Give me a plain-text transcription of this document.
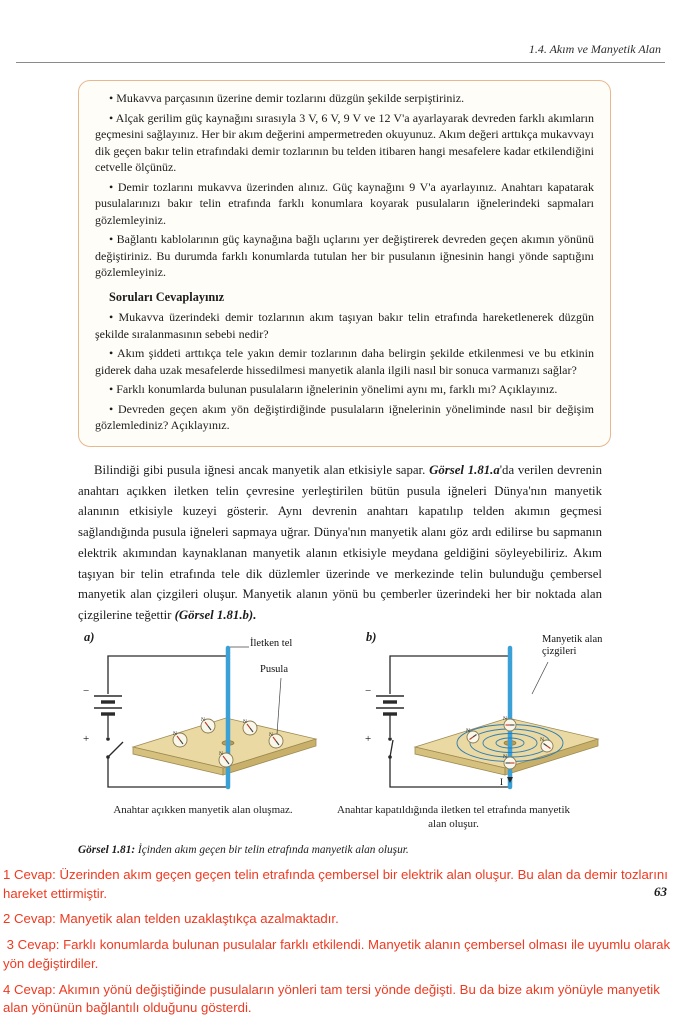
1.4. Akım ve Manyetik Alan

• Mukavva parçasının üzerine demir tozlarını düzgün şekilde serpiştiriniz.

• Alçak gerilim güç kaynağını sırasıyla 3 V, 6 V, 9 V ve 12 V'a ayarlayarak devreden farklı akımların geçmesini sağlayınız. Her bir akım değerini ampermetreden okuyunuz. Akım değeri arttıkça mukavvayı dik geçen bakır telin etrafındaki demir tozlarının bu telden itibaren hangi mesafelere kadar etkilendiğini cetvelle ölçünüz.

• Demir tozlarını mukavva üzerinden alınız. Güç kaynağını 9 V'a ayarlayınız. Anahtarı kapatarak pusulalarınızı bakır telin etrafında farklı konumlara koyarak pusulaların iğnelerindeki sapmaları gözlemleyiniz.

• Bağlantı kablolarının güç kaynağına bağlı uçlarını yer değiştirerek devreden geçen akımın yönünü değiştiriniz. Bu durumda farklı konumlarda tutulan her bir pusulanın iğnesinin hangi yönde saptığını gözlemleyiniz.

Soruları Cevaplayınız

• Mukavva üzerindeki demir tozlarının akım taşıyan bakır telin etrafında hareketlenerek düzgün şekilde sıralanmasının sebebi nedir?

• Akım şiddeti arttıkça tele yakın demir tozlarının daha belirgin şekilde etkilenmesi ve bu etkinin giderek daha uzak mesafelerde hissedilmesi manyetik alanla ilgili nasıl bir sonuca varmanızı sağlar?

• Farklı konumlarda bulunan pusulaların iğnelerinin yönelimi aynı mı, farklı mı? Açıklayınız.

• Devreden geçen akım yön değiştirdiğinde pusulaların iğnelerinin yöneliminde nasıl bir değişim gözlemlediniz? Açıklayınız.

Bilindiği gibi pusula iğnesi ancak manyetik alan etkisiyle sapar. Görsel 1.81.a'da verilen devrenin anahtarı açıkken iletken telin çevresine yerleştirilen bütün pusula iğneleri Dünya'nın manyetik alanının etkisiyle kuzeyi gösterir. Aynı devrenin anahtarı kapatılıp telden akımın geçmesi sağlandığında pusula iğneleri sapmaya uğrar. Dünya'nın manyetik alanı göz ardı edilirse bu sapmanın elektrik akımından kaynaklanan manyetik alanın etkisiyle meydana geldiğini söyleyebiliriz. Akım taşıyan bir telin etrafında tele dik düzlemler üzerinde ve merkezinde telin bulunduğu çembersel manyetik alan çizgileri oluşur. Manyetik alanın yönü bu çemberler üzerindeki her bir noktada alan çizgilerine teğettir (Görsel 1.81.b).

a)	b)
−
+	N
N	N
N
N
−
+
N
N
N
N
I
İletken tel
Pusula
Manyetik alan çizgileri
Anahtar açıkken manyetik alan oluşmaz.	Anahtar kapatıldığında iletken tel etrafında manyetik alan oluşur.

Görsel 1.81: İçinden akım geçen bir telin etrafında manyetik alan oluşur.

1 Cevap: Üzerinden akım geçen geçen telin etrafında çembersel bir elektrik alan oluşur. Bu alan da demir tozlarını hareket ettirmiştir.

2 Cevap: Manyetik alan telden uzaklaştıkça azalmaktadır.

3 Cevap: Farklı konumlarda bulunan pusulalar farklı etkilendi. Manyetik alanın çembersel olması ile uyumlu olarak yön değiştirdiler.

4 Cevap: Akımın yönü değiştiğinde pusulaların yönleri tam tersi yönde değişti. Bu da bize akım yönüyle manyetik alan yönünün bağlantılı olduğunu gösterdi.

63
